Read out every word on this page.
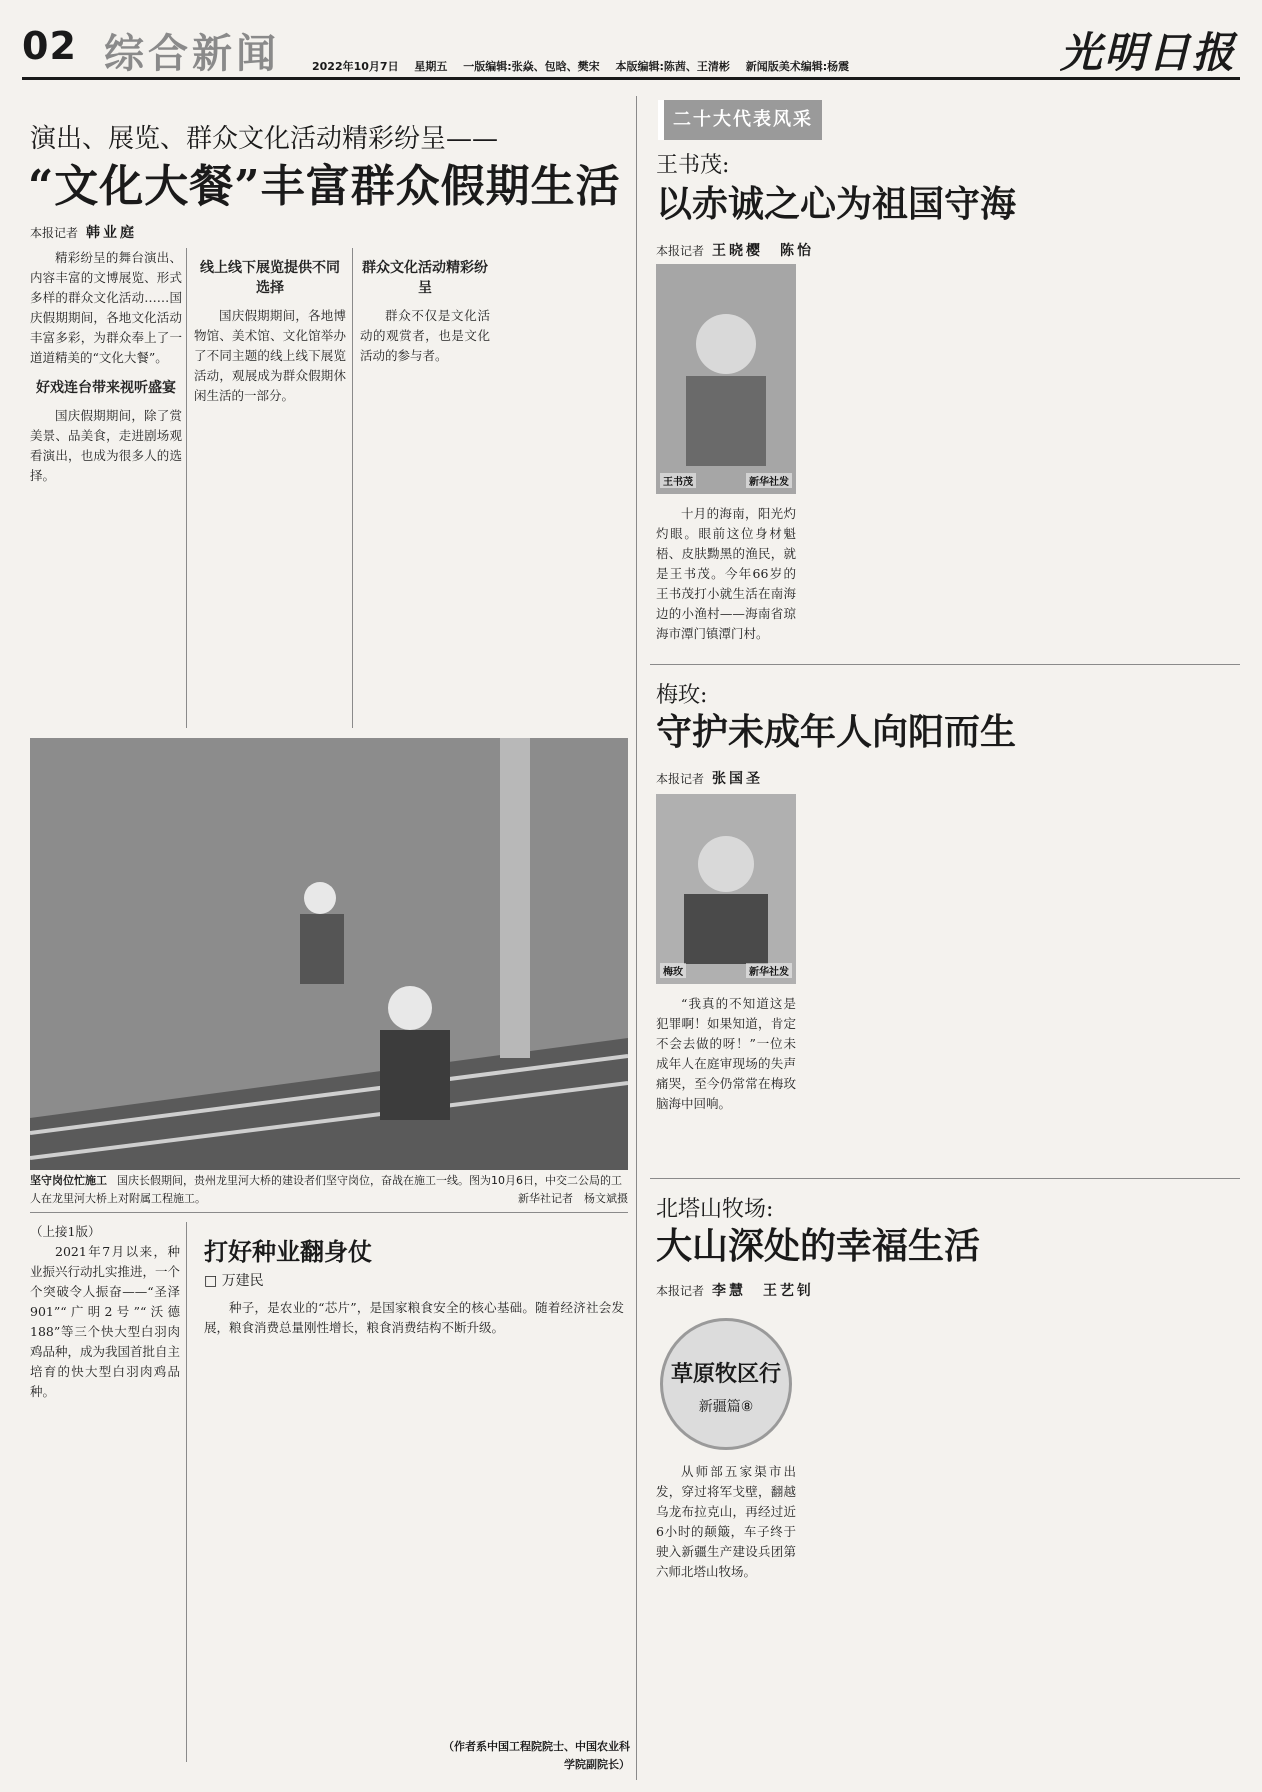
02 综合新闻	2022年10月7日 星期五 一版编辑:张焱、包晗、樊宋 本版编辑:陈茜、王清彬 新闻版美术编辑:杨震	光明日报
演出、展览、群众文化活动精彩纷呈——
“文化大餐”丰富群众假期生活
本报记者 韩业庭

精彩纷呈的舞台演出、内容丰富的文博展览、形式多样的群众文化活动……国庆假期期间，各地文化活动丰富多彩，为群众奉上了一道道精美的“文化大餐”。

好戏连台带来视听盛宴

国庆假期期间，除了赏美景、品美食，走进剧场观看演出，也成为很多人的选择。

线上线下展览提供不同选择

国庆假期期间，各地博物馆、美术馆、文化馆举办了不同主题的线上线下展览活动，观展成为群众假期休闲生活的一部分。

群众文化活动精彩纷呈

群众不仅是文化活动的观赏者，也是文化活动的参与者。

坚守岗位忙施工 国庆长假期间，贵州龙里河大桥的建设者们坚守岗位，奋战在施工一线。图为10月6日，中交二公局的工人在龙里河大桥上对附属工程施工。	新华社记者　杨文斌摄
（上接1版）

2021年7月以来，种业振兴行动扎实推进，一个个突破令人振奋——“圣泽901”“广明2号”“沃德188”等三个快大型白羽肉鸡品种，成为我国首批自主培育的快大型白羽肉鸡品种。

打好种业翻身仗
□ 万建民

种子，是农业的“芯片”，是国家粮食安全的核心基础。随着经济社会发展，粮食消费总量刚性增长，粮食消费结构不断升级。

（作者系中国工程院院士、中国农业科学院副院长）
二十大代表风采
王书茂:
以赤诚之心为祖国守海
本报记者 王晓樱　陈怡
王书茂	新华社发

十月的海南，阳光灼灼眼。眼前这位身材魁梧、皮肤黝黑的渔民，就是王书茂。今年66岁的王书茂打小就生活在南海边的小渔村——海南省琼海市潭门镇潭门村。

梅玫:
守护未成年人向阳而生
本报记者 张国圣
梅玫	新华社发

“我真的不知道这是犯罪啊！如果知道，肯定不会去做的呀！”一位未成年人在庭审现场的失声痛哭，至今仍常常在梅玫脑海中回响。

北塔山牧场:
大山深处的幸福生活
本报记者 李慧　王艺钊
草原牧区行
新疆篇⑧

从师部五家渠市出发，穿过将军戈壁，翻越乌龙布拉克山，再经过近6小时的颠簸，车子终于驶入新疆生产建设兵团第六师北塔山牧场。
